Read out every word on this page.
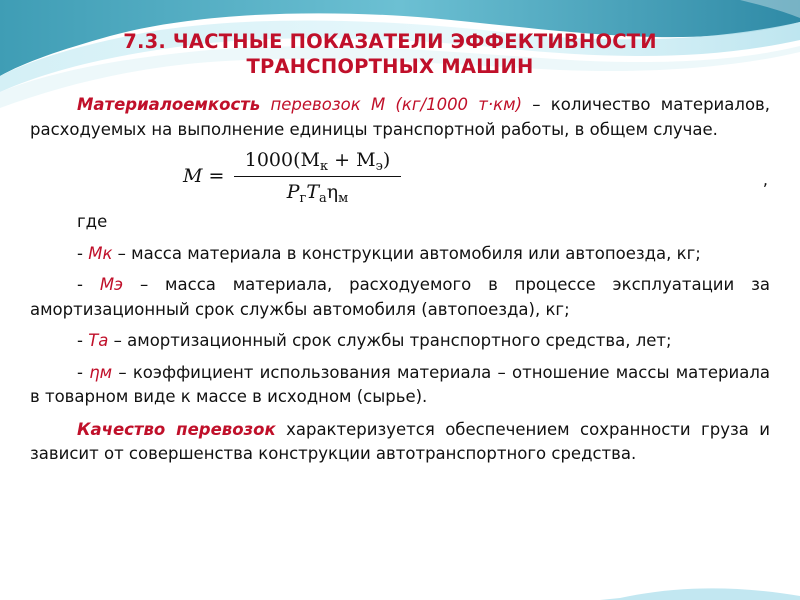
7.3. ЧАСТНЫЕ ПОКАЗАТЕЛИ ЭФФЕКТИВНОСТИ
ТРАНСПОРТНЫХ МАШИН

Материалоемкость перевозок М (кг/1000 т·км) – количество материалов, расходуемых на выполнение единицы транспортной работы, в общем случае.

M =
$1000(M_к + M_э)$
$P_гT_а\eta_м$
,

где

- Мк – масса материала в конструкции автомобиля или автопоезда, кг;

- Мэ – масса материала, расходуемого в процессе эксплуатации за амортизационный срок службы автомобиля (автопоезда), кг;

- Та – амортизационный срок службы транспортного средства, лет;

- ηм – коэффициент использования материала – отношение массы материала в товарном виде к массе в исходном (сырье).

Качество перевозок характеризуется обеспечением сохранности груза и зависит от совершенства конструкции автотранспортного средства.
